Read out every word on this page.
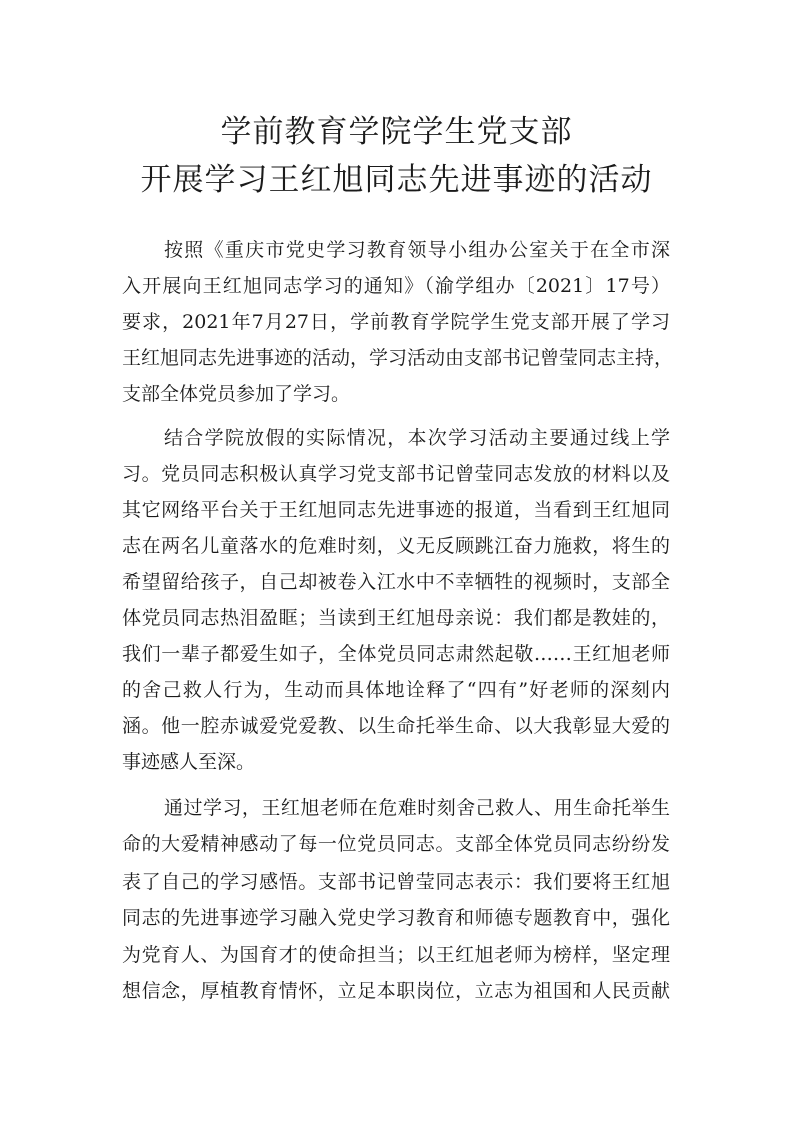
学前教育学院学生党支部
开展学习王红旭同志先进事迹的活动
按照《重庆市党史学习教育领导小组办公室关于在全市深
入开展向王红旭同志学习的通知》（渝学组办〔2021〕17号）
要求，2021年7月27日，学前教育学院学生党支部开展了学习
王红旭同志先进事迹的活动，学习活动由支部书记曾莹同志主持，
支部全体党员参加了学习。
结合学院放假的实际情况，本次学习活动主要通过线上学
习。党员同志积极认真学习党支部书记曾莹同志发放的材料以及
其它网络平台关于王红旭同志先进事迹的报道，当看到王红旭同
志在两名儿童落水的危难时刻，义无反顾跳江奋力施救，将生的
希望留给孩子，自己却被卷入江水中不幸牺牲的视频时，支部全
体党员同志热泪盈眶；当读到王红旭母亲说：我们都是教娃的，
我们一辈子都爱生如子，全体党员同志肃然起敬……王红旭老师
的舍己救人行为，生动而具体地诠释了“四有”好老师的深刻内
涵。他一腔赤诚爱党爱教、以生命托举生命、以大我彰显大爱的
事迹感人至深。
通过学习，王红旭老师在危难时刻舍己救人、用生命托举生
命的大爱精神感动了每一位党员同志。支部全体党员同志纷纷发
表了自己的学习感悟。支部书记曾莹同志表示：我们要将王红旭
同志的先进事迹学习融入党史学习教育和师德专题教育中，强化
为党育人、为国育才的使命担当；以王红旭老师为榜样，坚定理
想信念，厚植教育情怀，立足本职岗位，立志为祖国和人民贡献
